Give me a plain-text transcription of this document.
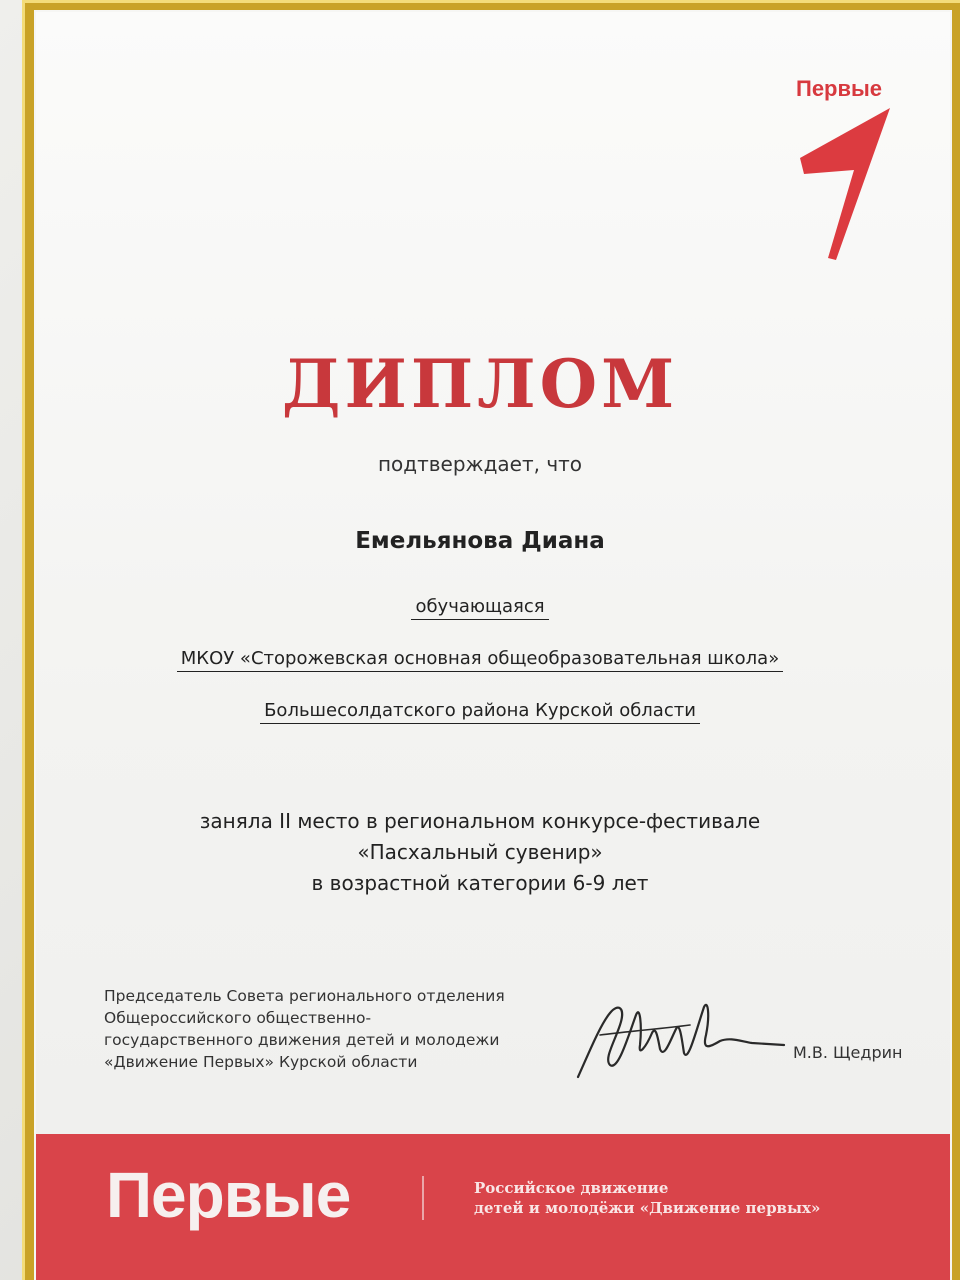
Первые
ДИПЛОМ
подтверждает, что
Емельянова Диана
обучающаяся
МКОУ «Сторожевская основная общеобразовательная школа»
Большесолдатского района Курской области
заняла II место в региональном конкурсе-фестивале
«Пасхальный сувенир»
в возрастной категории 6-9 лет
Председатель Совета регионального отделения
Общероссийского общественно-
государственного движения детей и молодежи
«Движение Первых» Курской области	М.В. Щедрин
Первые	Российское движение
детей и молодёжи «Движение первых»
